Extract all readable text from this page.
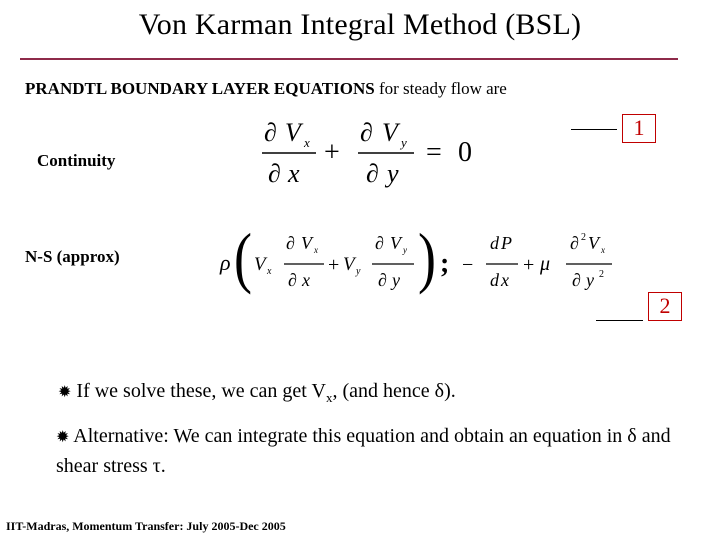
Von Karman Integral Method (BSL)
PRANDTL BOUNDARY LAYER EQUATIONS for steady flow are
Continuity
∂ V x
∂ x
+
∂ V y
∂ y
= 0
1
N-S (approx)	ρ ( V x
∂ V x
∂ x
+ V y
∂ V y
∂ y ) ; −
d P
d x
+ μ
∂ 2 V x
∂ y 2
2
✹ If we solve these, we can get $V_x$, (and hence δ).
✹ Alternative: We can integrate this equation and obtain an equation in δ and shear stress τ.
IIT-Madras, Momentum Transfer: July 2005-Dec 2005
